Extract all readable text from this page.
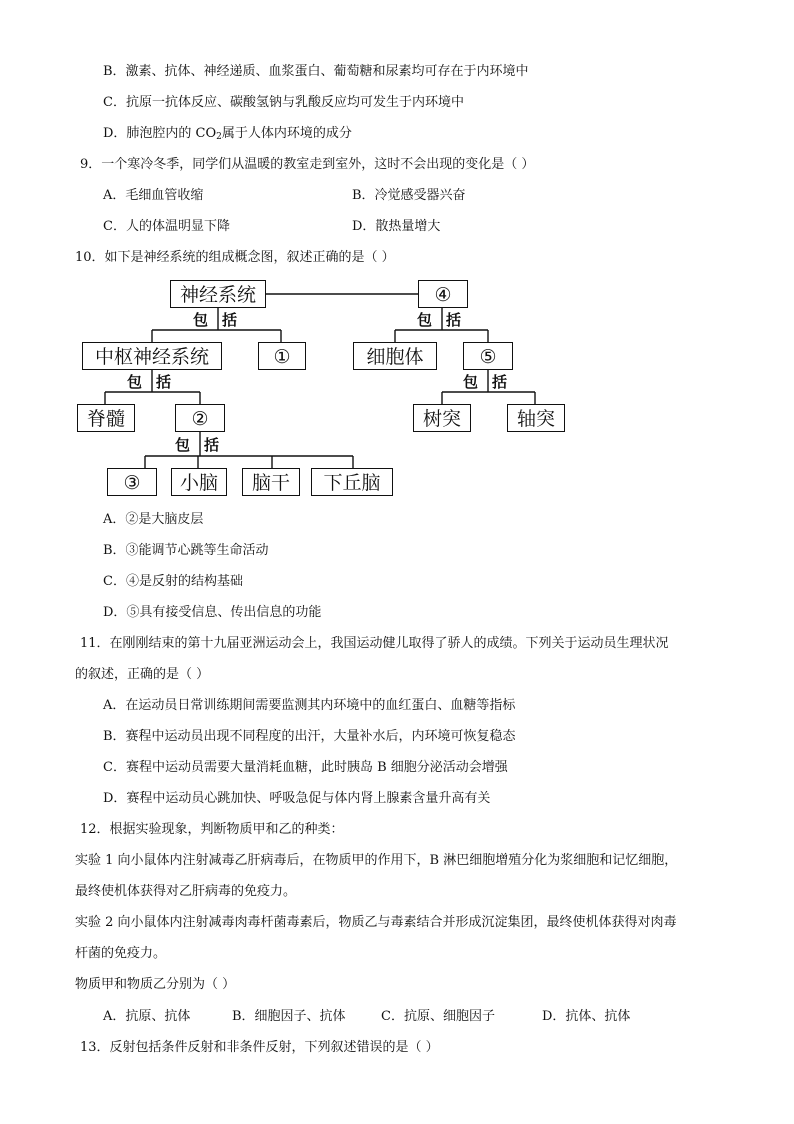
B．激素、抗体、神经递质、血浆蛋白、葡萄糖和尿素均可存在于内环境中
C．抗原一抗体反应、碳酸氢钠与乳酸反应均可发生于内环境中
D．肺泡腔内的 $CO_2$属于人体内环境的成分
9．一个寒冷冬季，同学们从温暖的教室走到室外，这时不会出现的变化是（ ）
A．毛细血管收缩	B．冷觉感受器兴奋
C．人的体温明显下降	D．散热量增大
10．如下是神经系统的组成概念图，叙述正确的是（ ）
神经系统	④
包 括	包 括
中枢神经系统	①	细胞体	⑤
包 括	包 括
脊髓	②	树突	轴突
包 括
③	小脑	脑干	下丘脑
A．②是大脑皮层
B．③能调节心跳等生命活动
C．④是反射的结构基础
D．⑤具有接受信息、传出信息的功能
11．在刚刚结束的第十九届亚洲运动会上，我国运动健儿取得了骄人的成绩。下列关于运动员生理状况
的叙述，正确的是（ ）
A．在运动员日常训练期间需要监测其内环境中的血红蛋白、血糖等指标
B．赛程中运动员出现不同程度的出汗，大量补水后，内环境可恢复稳态
C．赛程中运动员需要大量消耗血糖，此时胰岛 B 细胞分泌活动会增强
D．赛程中运动员心跳加快、呼吸急促与体内肾上腺素含量升高有关
12．根据实验现象，判断物质甲和乙的种类：
实验 1 向小鼠体内注射减毒乙肝病毒后，在物质甲的作用下，B 淋巴细胞增殖分化为浆细胞和记忆细胞，
最终使机体获得对乙肝病毒的免疫力。
实验 2 向小鼠体内注射减毒肉毒杆菌毒素后，物质乙与毒素结合并形成沉淀集团，最终使机体获得对肉毒
杆菌的免疫力。
物质甲和物质乙分别为（ ）
A．抗原、抗体	B．细胞因子、抗体	C．抗原、细胞因子	D．抗体、抗体
13．反射包括条件反射和非条件反射，下列叙述错误的是（ ）
